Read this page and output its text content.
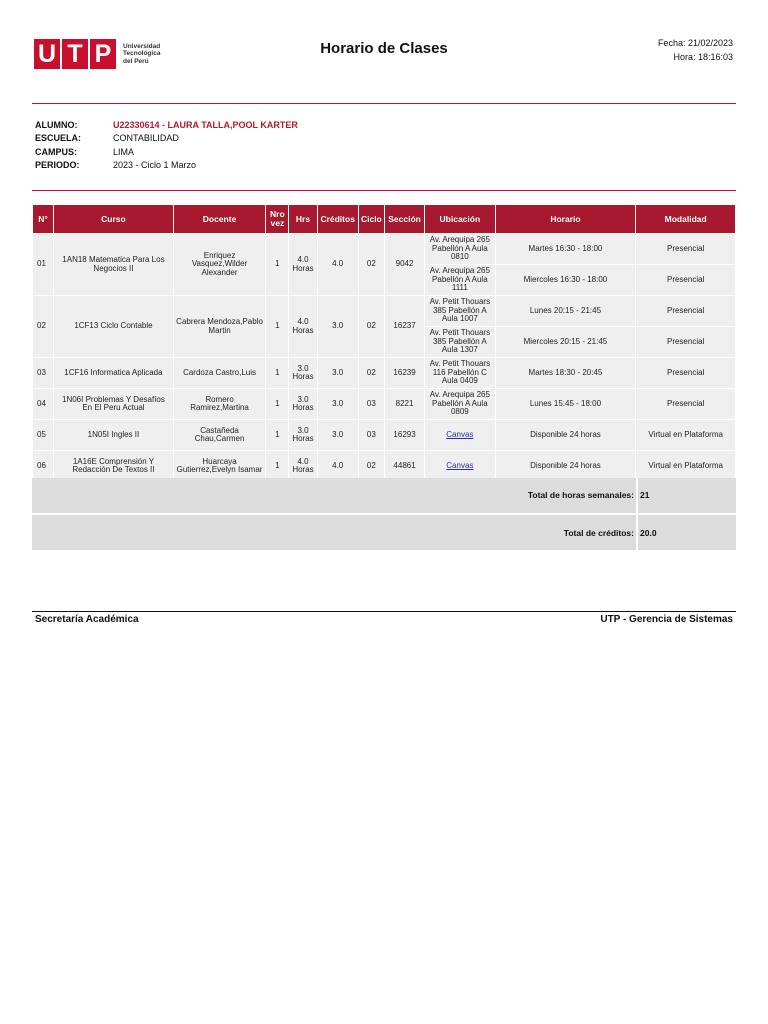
U T P	Universidad
Tecnológica
del Perú
Horario de Clases	Fecha: 21/02/2023
Hora: 18:16:03
ALUMNO:	U22330614 - LAURA TALLA,POOL KARTER
ESCUELA:	CONTABILIDAD
CAMPUS:	LIMA
PERIODO:	2023 - Ciclo 1 Marzo
N°	Curso	Docente	Nro vez	Hrs	Créditos	Ciclo	Sección	Ubicación	Horario	Modalidad
01	1AN18 Matematica Para Los Negocios II	Enriquez Vasquez,Wilder Alexander	1	4.0 Horas	4.0	02	9042	Av. Arequipa 265 Pabellón A Aula 0810	Martes 16:30 - 18:00	Presencial
								Av. Arequipa 265 Pabellón A Aula 1111	Miercoles 16:30 - 18:00	Presencial
02	1CF13 Ciclo Contable	Cabrera Mendoza,Pablo Martin	1	4.0 Horas	3.0	02	16237	Av. Petit Thouars 385 Pabellón A Aula 1007	Lunes 20:15 - 21:45	Presencial
								Av. Petit Thouars 385 Pabellón A Aula 1307	Miercoles 20:15 - 21:45	Presencial
03	1CF16 Informatica Aplicada	Cardoza Castro,Luis	1	3.0 Horas	3.0	02	16239	Av. Petit Thouars 116 Pabellón C Aula 0409	Martes 18:30 - 20:45	Presencial
04	1N06I Problemas Y Desafíos En El Peru Actual	Romero Ramirez,Martina	1	3.0 Horas	3.0	03	8221	Av. Arequipa 265 Pabellón A Aula 0809	Lunes 15:45 - 18:00	Presencial
05	1N05I Ingles II	Castañeda Chau,Carmen	1	3.0 Horas	3.0	03	16293	Canvas	Disponible 24 horas	Virtual en Plataforma
06	1A16E Comprensión Y Redacción De Textos II	Huarcaya Gutierrez,Evelyn Isamar	1	4.0 Horas	4.0	02	44861	Canvas	Disponible 24 horas	Virtual en Plataforma
Total de horas semanales: 21
Total de créditos: 20.0
Secretaría Académica	UTP - Gerencia de Sistemas
